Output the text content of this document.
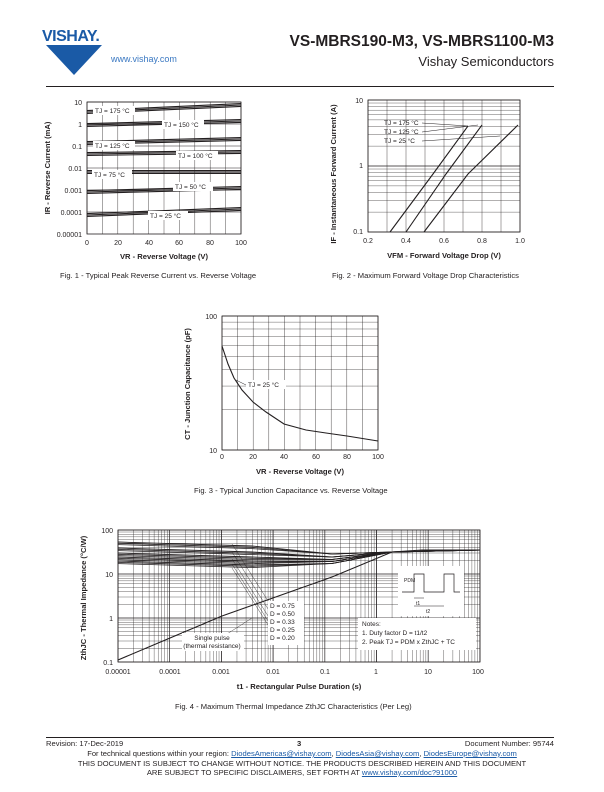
VISHAY.
www.vishay.com
VS-MBRS190-M3, VS-MBRS1100-M3
Vishay Semiconductors
10
1
0.1
0.01
0.001
0.0001
0.00001
0	20	40	60	80	100
VR - Reverse Voltage (V)
IR - Reverse Current (mA)
TJ = 175 °C
TJ = 150 °C
TJ = 125 °C
TJ = 100 °C
TJ = 75 °C
TJ = 50 °C
TJ = 25 °C
Fig. 1 - Typical Peak Reverse Current vs. Reverse Voltage
10
1
0.1
0.2	0.4	0.6	0.8	1.0
VFM - Forward Voltage Drop (V)
IF - Instantaneous Forward Current (A)	TJ = 175 °C
TJ = 125 °C
TJ = 25 °C
Fig. 2 - Maximum Forward Voltage Drop Characteristics
100
10
0	20	40	60	80	100
VR - Reverse Voltage (V)
CT - Junction Capacitance (pF)	TJ = 25 °C
Fig. 3 - Typical Junction Capacitance vs. Reverse Voltage
100
10
1
0.1
0.00001	0.0001	0.001	0.01	0.1	1	10	100
t1 - Rectangular Pulse Duration (s)
ZthJC - Thermal Impedance (°C/W)	D = 0.75
D = 0.50
D = 0.33
D = 0.25
D = 0.20
Single pulse
(thermal resistance)
Notes:
1. Duty factor D = t1/t2
2. Peak TJ = PDM x ZthJC + TC
PDM
t1
t2
Fig. 4 - Maximum Thermal Impedance ZthJC Characteristics (Per Leg)
Revision: 17-Dec-2019	3	Document Number: 95744
For technical questions within your region: DiodesAmericas@vishay.com, DiodesAsia@vishay.com, DiodesEurope@vishay.com
THIS DOCUMENT IS SUBJECT TO CHANGE WITHOUT NOTICE. THE PRODUCTS DESCRIBED HEREIN AND THIS DOCUMENT
ARE SUBJECT TO SPECIFIC DISCLAIMERS, SET FORTH AT www.vishay.com/doc?91000
